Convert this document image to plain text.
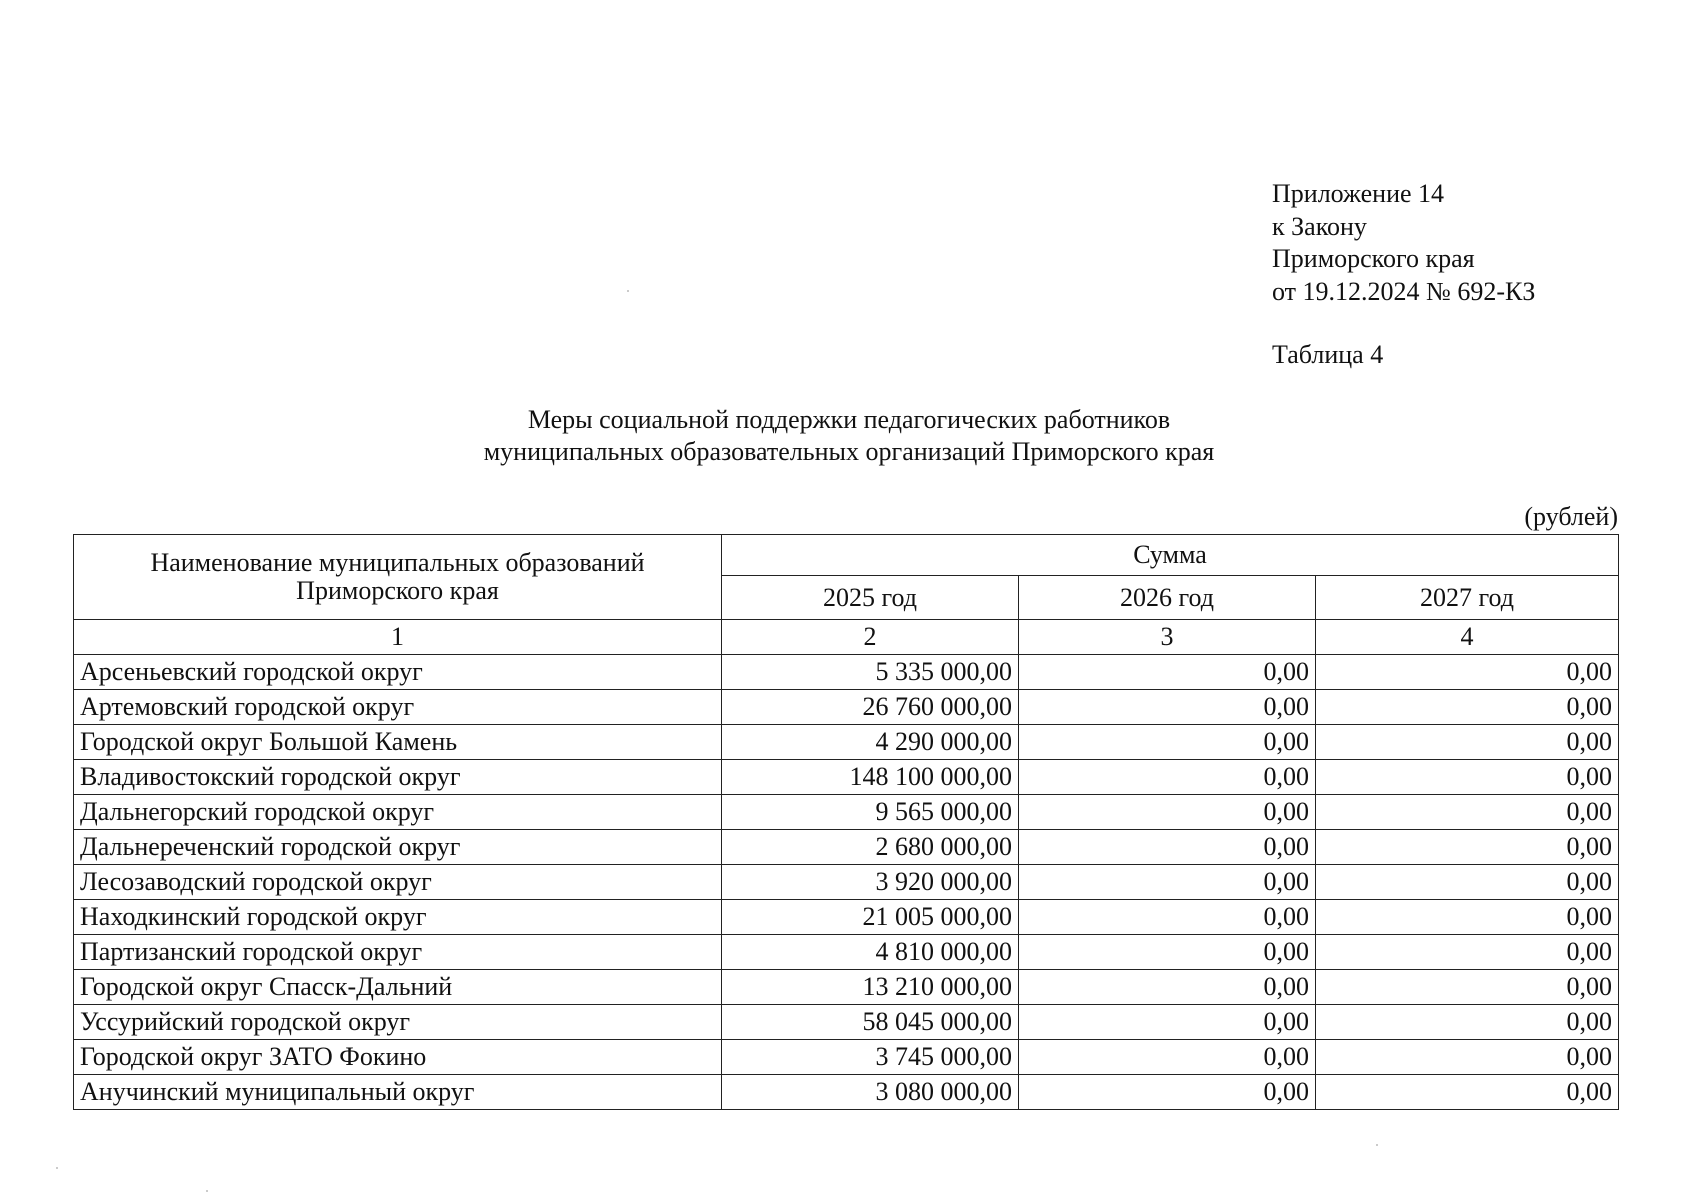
Приложение 14
к Закону
Приморского края
от 19.12.2024 № 692-КЗ
Таблица 4
Меры социальной поддержки педагогических работников
муниципальных образовательных организаций Приморского края
(рублей)
Наименование муниципальных образований
Приморского края	Сумма		
	2025 год	2026 год	2027 год
1	2	3	4
Арсеньевский городской округ	5 335 000,00	0,00	0,00
Артемовский городской округ	26 760 000,00	0,00	0,00
Городской округ Большой Камень	4 290 000,00	0,00	0,00
Владивостокский городской округ	148 100 000,00	0,00	0,00
Дальнегорский городской округ	9 565 000,00	0,00	0,00
Дальнереченский городской округ	2 680 000,00	0,00	0,00
Лесозаводский городской округ	3 920 000,00	0,00	0,00
Находкинский городской округ	21 005 000,00	0,00	0,00
Партизанский городской округ	4 810 000,00	0,00	0,00
Городской округ Спасск-Дальний	13 210 000,00	0,00	0,00
Уссурийский городской округ	58 045 000,00	0,00	0,00
Городской округ ЗАТО Фокино	3 745 000,00	0,00	0,00
Анучинский муниципальный округ	3 080 000,00	0,00	0,00
